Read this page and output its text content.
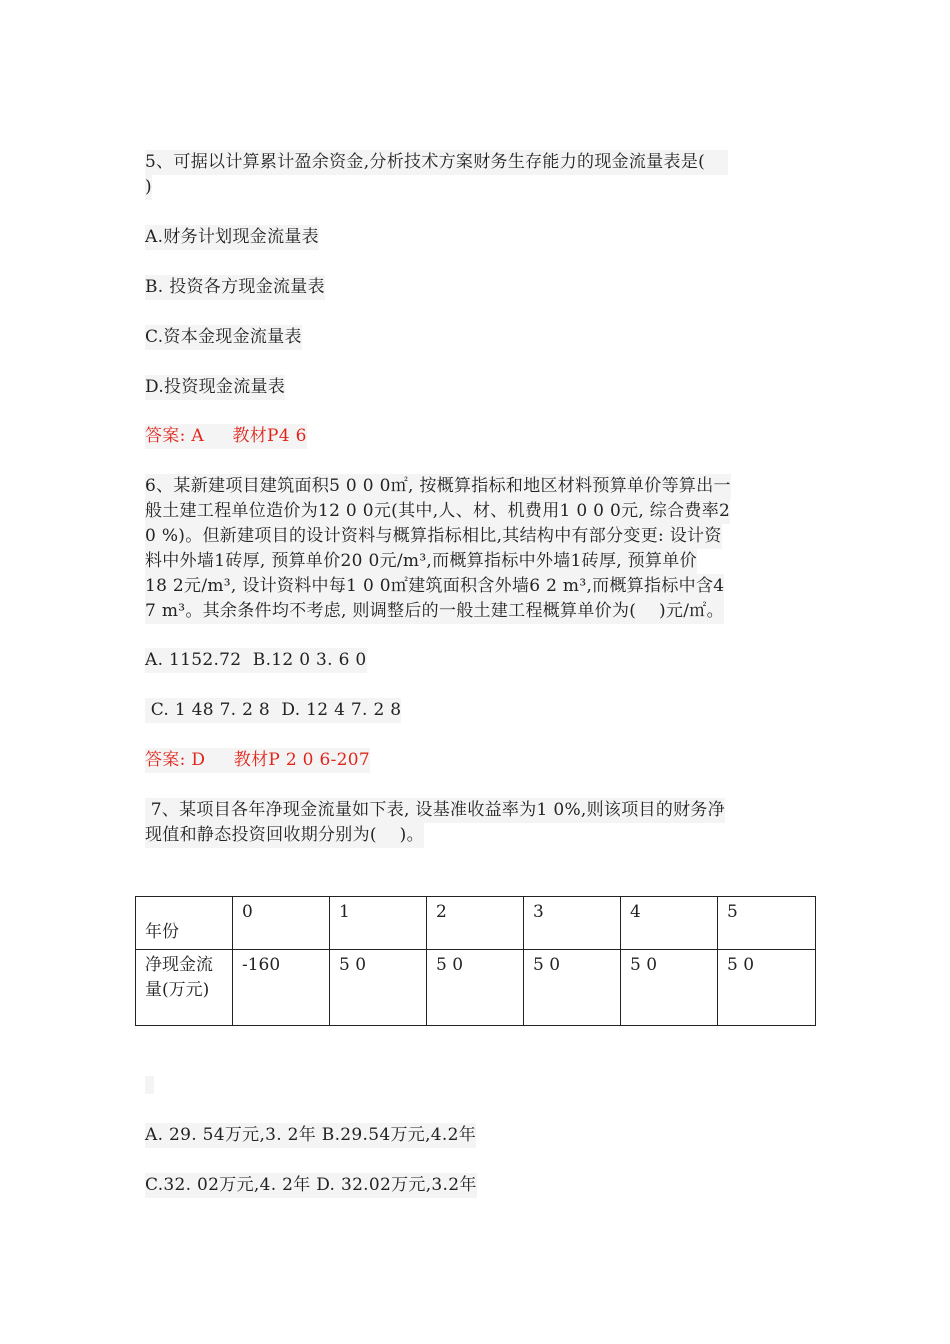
5、可据以计算累计盈余资金,分析技术方案财务生存能力的现金流量表是(

)

A.财务计划现金流量表

B. 投资各方现金流量表

C.资本金现金流量表

D.投资现金流量表

答案: A     教材P4 6

6、某新建项目建筑面积5 0 0 0㎡, 按概算指标和地区材料预算单价等算出一

般土建工程单位造价为12 0 0元(其中,人、材、机费用1 0 0 0元, 综合费率2

0 %)。但新建项目的设计资料与概算指标相比,其结构中有部分变更: 设计资

料中外墙1砖厚, 预算单价20 0元/m³,而概算指标中外墙1砖厚, 预算单价

18 2元/m³, 设计资料中每1 0 0㎡建筑面积含外墙6 2 m³,而概算指标中含4

7 m³。其余条件均不考虑, 则调整后的一般土建工程概算单价为(    )元/㎡。

A. 1152.72  B.12 0 3. 6 0

C. 1 48 7. 2 8  D. 12 4 7. 2 8

答案: D     教材P 2 0 6-207

7、某项目各年净现金流量如下表, 设基准收益率为1 0%,则该项目的财务净

现值和静态投资回收期分别为(    )。

年份	0	1	2	3	4	5
净现金流量(万元)	-160	5 0	5 0	5 0	5 0	5 0

A. 29. 54万元,3. 2年 B.29.54万元,4.2年

C.32. 02万元,4. 2年 D. 32.02万元,3.2年
